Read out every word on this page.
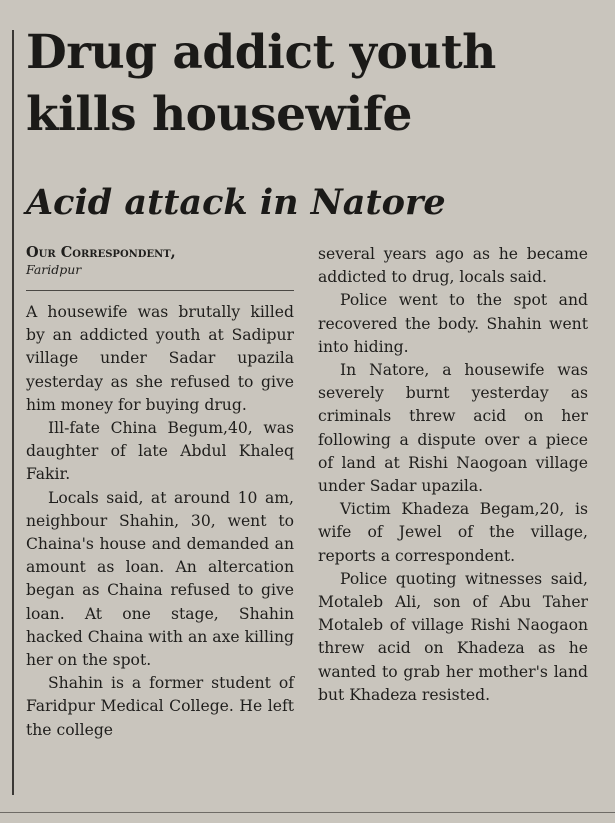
Drug addict youth kills housewife
Acid attack in Natore

Our Correspondent,

Faridpur

A housewife was brutally killed by an addicted youth at Sadipur village under Sadar upazila yesterday as she refused to give him money for buying drug.

Ill-fate China Begum,40, was daughter of late Abdul Khaleq Fakir.

Locals said, at around 10 am, neighbour Shahin, 30, went to Chaina's house and demanded an amount as loan. An altercation began as Chaina refused to give loan. At one stage, Shahin hacked Chaina with an axe killing her on the spot.

Shahin is a former student of Faridpur Medical College. He left the college

several years ago as he became addicted to drug, locals said.

Police went to the spot and recovered the body. Shahin went into hiding.

In Natore, a housewife was severely burnt yesterday as criminals threw acid on her following a dispute over a piece of land at Rishi Naogoan village under Sadar upazila.

Victim Khadeza Begam,20, is wife of Jewel of the village, reports a correspondent.

Police quoting witnesses said, Motaleb Ali, son of Abu Taher Motaleb of village Rishi Naogaon threw acid on Khadeza as he wanted to grab her mother's land but Khadeza resisted.
